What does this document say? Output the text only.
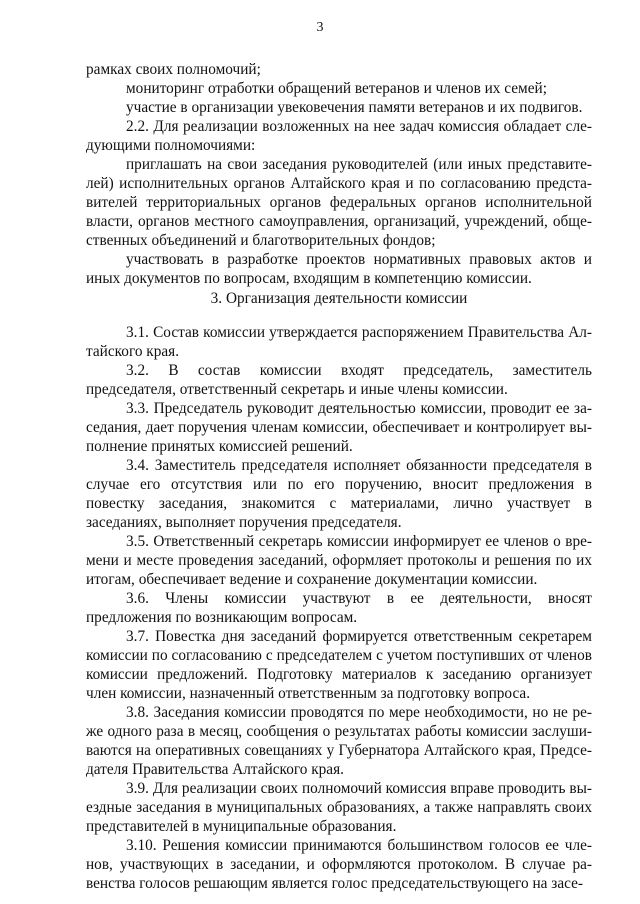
3

рамках своих полномочий;

мониторинг отработки обращений ветеранов и членов их семей;

участие в организации увековечения памяти ветеранов и их подвигов.

2.2. Для реализации возложенных на нее задач комиссия обладает следующими полномочиями:

приглашать на свои заседания руководителей (или иных представителей) исполнительных органов Алтайского края и по согласованию представителей территориальных органов федеральных органов исполнительной власти, органов местного самоуправления, организаций, учреждений, общественных объединений и благотворительных фондов;

участвовать в разработке проектов нормативных правовых актов и иных документов по вопросам, входящим в компетенцию комиссии.

3. Организация деятельности комиссии

3.1. Состав комиссии утверждается распоряжением Правительства Алтайского края.

3.2. В состав комиссии входят председатель, заместитель председателя, ответственный секретарь и иные члены комиссии.

3.3. Председатель руководит деятельностью комиссии, проводит ее заседания, дает поручения членам комиссии, обеспечивает и контролирует выполнение принятых комиссией решений.

3.4. Заместитель председателя исполняет обязанности председателя в случае его отсутствия или по его поручению, вносит предложения в повестку заседания, знакомится с материалами, лично участвует в заседаниях, выполняет поручения председателя.

3.5. Ответственный секретарь комиссии информирует ее членов о времени и месте проведения заседаний, оформляет протоколы и решения по их итогам, обеспечивает ведение и сохранение документации комиссии.

3.6. Члены комиссии участвуют в ее деятельности, вносят предложения по возникающим вопросам.

3.7. Повестка дня заседаний формируется ответственным секретарем комиссии по согласованию с председателем с учетом поступивших от членов комиссии предложений. Подготовку материалов к заседанию организует член комиссии, назначенный ответственным за подготовку вопроса.

3.8. Заседания комиссии проводятся по мере необходимости, но не реже одного раза в месяц, сообщения о результатах работы комиссии заслушиваются на оперативных совещаниях у Губернатора Алтайского края, Председателя Правительства Алтайского края.

3.9. Для реализации своих полномочий комиссия вправе проводить выездные заседания в муниципальных образованиях, а также направлять своих представителей в муниципальные образования.

3.10. Решения комиссии принимаются большинством голосов ее членов, участвующих в заседании, и оформляются протоколом. В случае равенства голосов решающим является голос председательствующего на засе-
